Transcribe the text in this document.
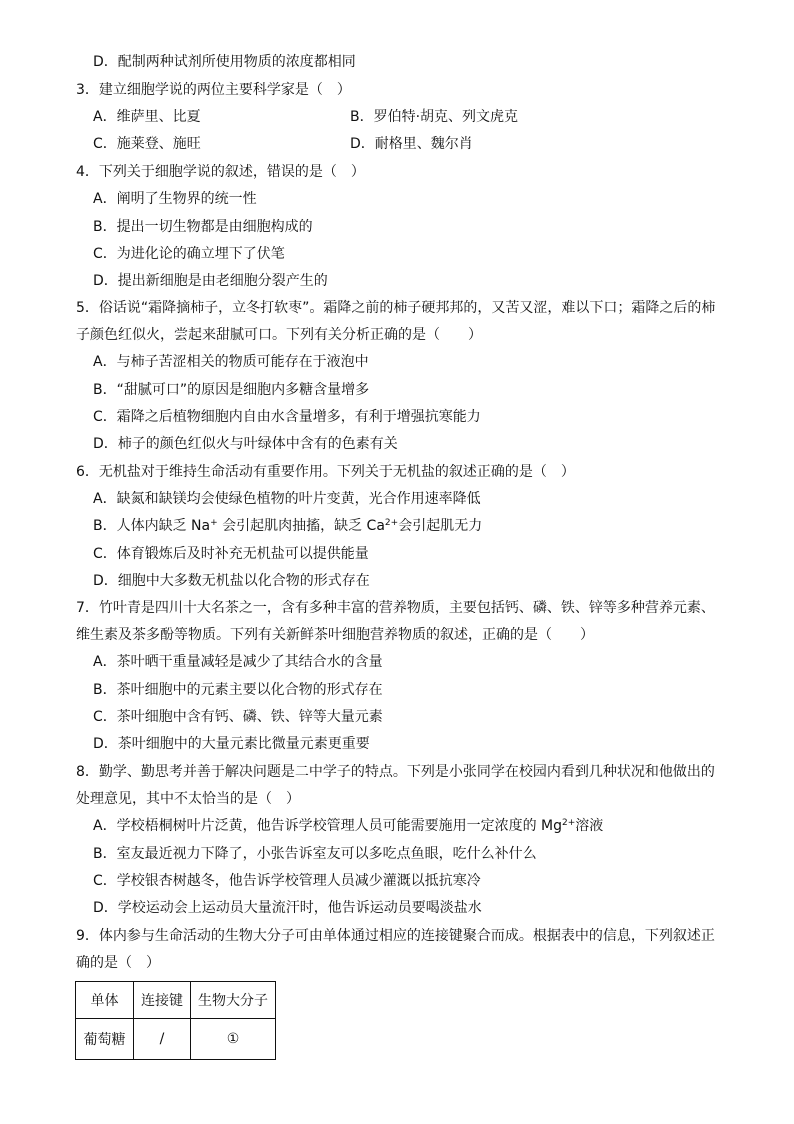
D．配制两种试剂所使用物质的浓度都相同
3．建立细胞学说的两位主要科学家是（　）
A．维萨里、比夏	B．罗伯特·胡克、列文虎克
C．施莱登、施旺	D．耐格里、魏尔肖
4．下列关于细胞学说的叙述，错误的是（　）
A．阐明了生物界的统一性
B．提出一切生物都是由细胞构成的
C．为进化论的确立埋下了伏笔
D．提出新细胞是由老细胞分裂产生的
5．俗话说“霜降摘柿子，立冬打软枣”。霜降之前的柿子硬邦邦的，又苦又涩，难以下口；霜降之后的柿
子颜色红似火，尝起来甜腻可口。下列有关分析正确的是（　　）
A．与柿子苦涩相关的物质可能存在于液泡中
B．“甜腻可口”的原因是细胞内多糖含量增多
C．霜降之后植物细胞内自由水含量增多，有利于增强抗寒能力
D．柿子的颜色红似火与叶绿体中含有的色素有关
6．无机盐对于维持生命活动有重要作用。下列关于无机盐的叙述正确的是（　）
A．缺氮和缺镁均会使绿色植物的叶片变黄，光合作用速率降低
B．人体内缺乏 Na+ 会引起肌肉抽搐，缺乏 $Ca^{2+}$会引起肌无力
C．体育锻炼后及时补充无机盐可以提供能量
D．细胞中大多数无机盐以化合物的形式存在
7．竹叶青是四川十大名茶之一，含有多种丰富的营养物质，主要包括钙、磷、铁、锌等多种营养元素、
维生素及茶多酚等物质。下列有关新鲜茶叶细胞营养物质的叙述，正确的是（　　）
A．茶叶晒干重量减轻是减少了其结合水的含量
B．茶叶细胞中的元素主要以化合物的形式存在
C．茶叶细胞中含有钙、磷、铁、锌等大量元素
D．茶叶细胞中的大量元素比微量元素更重要
8．勤学、勤思考并善于解决问题是二中学子的特点。下列是小张同学在校园内看到几种状况和他做出的
处理意见，其中不太恰当的是（　）
A．学校梧桐树叶片泛黄，他告诉学校管理人员可能需要施用一定浓度的 $Mg^{2+}$溶液
B．室友最近视力下降了，小张告诉室友可以多吃点鱼眼，吃什么补什么
C．学校银杏树越冬，他告诉学校管理人员减少灌溉以抵抗寒冷
D．学校运动会上运动员大量流汗时，他告诉运动员要喝淡盐水
9．体内参与生命活动的生物大分子可由单体通过相应的连接键聚合而成。根据表中的信息，下列叙述正
确的是（　）
单体	连接键	生物大分子
葡萄糖	/	①
